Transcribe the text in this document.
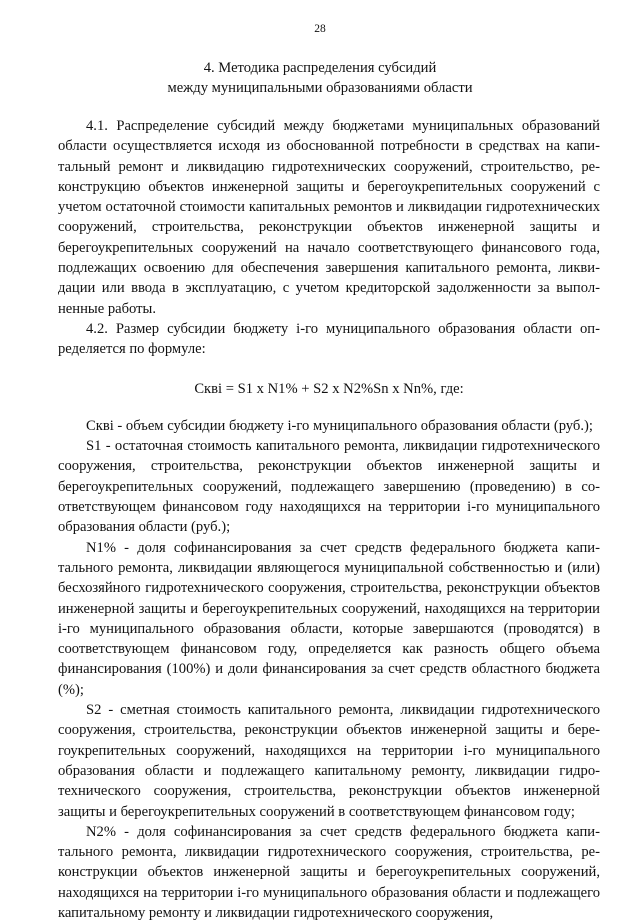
28
4. Методика распределения субсидий
между муниципальными образованиями области

4.1. Распределение субсидий между бюджетами муниципальных образований области осуществляется исходя из обоснованной потребности в средствах на капитальный ремонт и ликвидацию гидротехнических сооружений, строительство, реконструкцию объектов инженерной защиты и берегоукрепительных сооружений с учетом остаточной стоимости капитальных ремонтов и ликвидации гидротехнических сооружений, строительства, реконструкции объектов инженерной защиты и берегоукрепительных сооружений на начало соответствующего финансового года, подлежащих освоению для обеспечения завершения капитального ремонта, ликвидации или ввода в эксплуатацию, с учетом кредиторской задолженности за выполненные работы.

4.2. Размер субсидии бюджету i-го муниципального образования области определяется по формуле:

Скві = S1 x N1% + S2 x N2%Sn x Nn%, где:

Скві - объем субсидии бюджету i-го муниципального образования области (руб.);

S1 - остаточная стоимость капитального ремонта, ликвидации гидротехнического сооружения, строительства, реконструкции объектов инженерной защиты и берегоукрепительных сооружений, подлежащего завершению (проведению) в соответствующем финансовом году находящихся на территории i-го муниципального образования области (руб.);

N1% - доля софинансирования за счет средств федерального бюджета капитального ремонта, ликвидации являющегося муниципальной собственностью и (или) бесхозяйного гидротехнического сооружения, строительства, реконструкции объектов инженерной защиты и берегоукрепительных сооружений, находящихся на территории i-го муниципального образования области, которые завершаются (проводятся) в соответствующем финансовом году, определяется как разность общего объема финансирования (100%) и доли финансирования за счет средств областного бюджета (%);

S2 - сметная стоимость капитального ремонта, ликвидации гидротехнического сооружения, строительства, реконструкции объектов инженерной защиты и берегоукрепительных сооружений, находящихся на территории i-го муниципального образования области и подлежащего капитальному ремонту, ликвидации гидротехнического сооружения, строительства, реконструкции объектов инженерной защиты и берегоукрепительных сооружений в соответствующем финансовом году;

N2% - доля софинансирования за счет средств федерального бюджета капитального ремонта, ликвидации гидротехнического сооружения, строительства, реконструкции объектов инженерной защиты и берегоукрепительных сооружений, находящихся на территории i-го муниципального образования области и подлежащего капитальному ремонту и ликвидации гидротехнического сооружения,
